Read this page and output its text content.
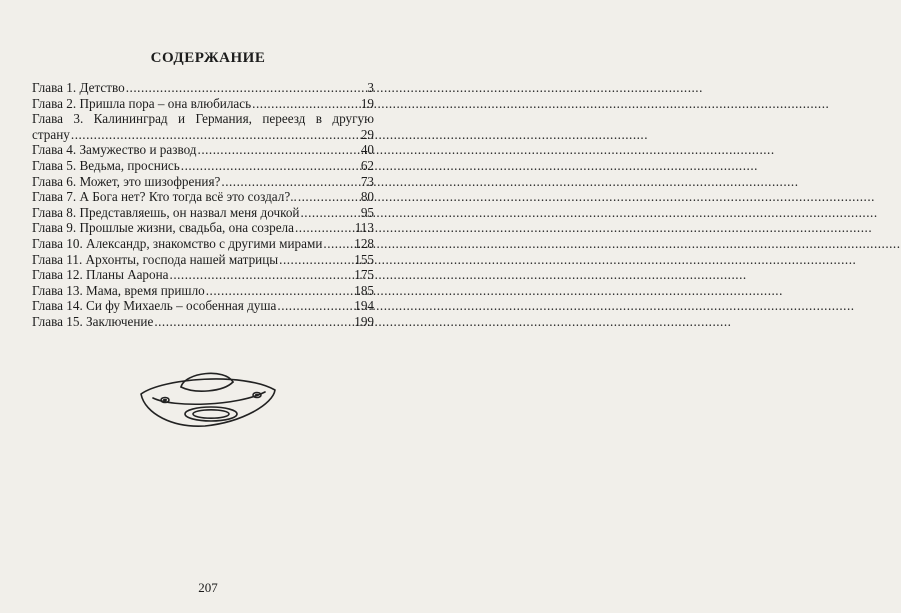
СОДЕРЖАНИЕ
Глава 1. Детство .....	3
Глава 2. Пришла пора – она влюбилась .....	19
Глава 3. Калининград и Германия, переезд в другую
страну .....	29
Глава 4. Замужество и развод .....	40
Глава 5. Ведьма, проснись .....	62
Глава 6. Может, это шизофрения? .....	73
Глава 7. А Бога нет? Кто тогда всё это создал?.. .....	80
Глава 8. Представляешь, он назвал меня дочкой .....	95
Глава 9. Прошлые жизни, свадьба, она созрела .....	113
Глава 10. Александр, знакомство с другими мирами ..... 128
Глава 11. Архонты, господа нашей матрицы .....	155
Глава 12. Планы Аарона .....	175
Глава 13. Мама, время пришло .....	185
Глава 14. Си фу Михаель – особенная душа .....	194
Глава 15. Заключение .....	199
207
